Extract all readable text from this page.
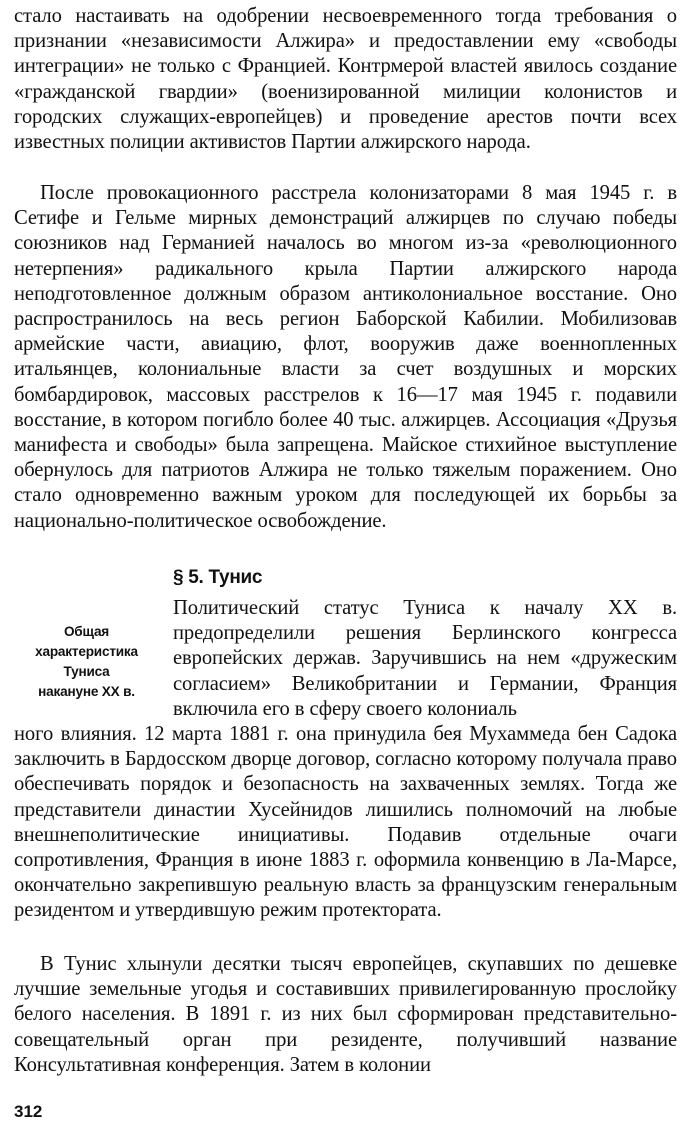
стало настаивать на одобрении несвоевременного тогда требования о признании «независимости Алжира» и предоставлении ему «свободы интеграции» не только с Францией. Контрмерой властей явилось создание «гражданской гвардии» (военизированной милиции колонистов и городских служащих-европейцев) и проведение арестов почти всех известных полиции активистов Партии алжирского народа.

После провокационного расстрела колонизаторами 8 мая 1945 г. в Сетифе и Гельме мирных демонстраций алжирцев по случаю победы союзников над Германией началось во многом из-за «революционного нетерпения» радикального крыла Партии алжирского народа неподготовленное должным образом антиколониальное восстание. Оно распространилось на весь регион Баборской Кабилии. Мобилизовав армейские части, авиацию, флот, вооружив даже военнопленных итальянцев, колониальные власти за счет воздушных и морских бомбардировок, массовых расстрелов к 16—17 мая 1945 г. подавили восстание, в котором погибло более 40 тыс. алжирцев. Ассоциация «Друзья манифеста и свободы» была запрещена. Майское стихийное выступление обернулось для патриотов Алжира не только тяжелым поражением. Оно стало одновременно важным уроком для последующей их борьбы за национально-политическое освобождение.

§ 5. Тунис
Общая
характеристика
Туниса
накануне XX в.

Политический статус Туниса к началу XX в. предопределили решения Берлинского конгресса европейских держав. Заручившись на нем «дружеским согласием» Великобритании и Германии, Франция включила его в сферу своего колониаль

ного влияния. 12 марта 1881 г. она принудила бея Мухаммеда бен Садока заключить в Бардосском дворце договор, согласно которому получала право обеспечивать порядок и безопасность на захваченных землях. Тогда же представители династии Хусейнидов лишились полномочий на любые внешнеполитические инициативы. Подавив отдельные очаги сопротивления, Франция в июне 1883 г. оформила конвенцию в Ла-Марсе, окончательно закрепившую реальную власть за французским генеральным резидентом и утвердившую режим протектората.

В Тунис хлынули десятки тысяч европейцев, скупавших по дешевке лучшие земельные угодья и составивших привилегированную прослойку белого населения. В 1891 г. из них был сформирован представительно-совещательный орган при резиденте, получивший название Консультативная конференция. Затем в колонии

312
